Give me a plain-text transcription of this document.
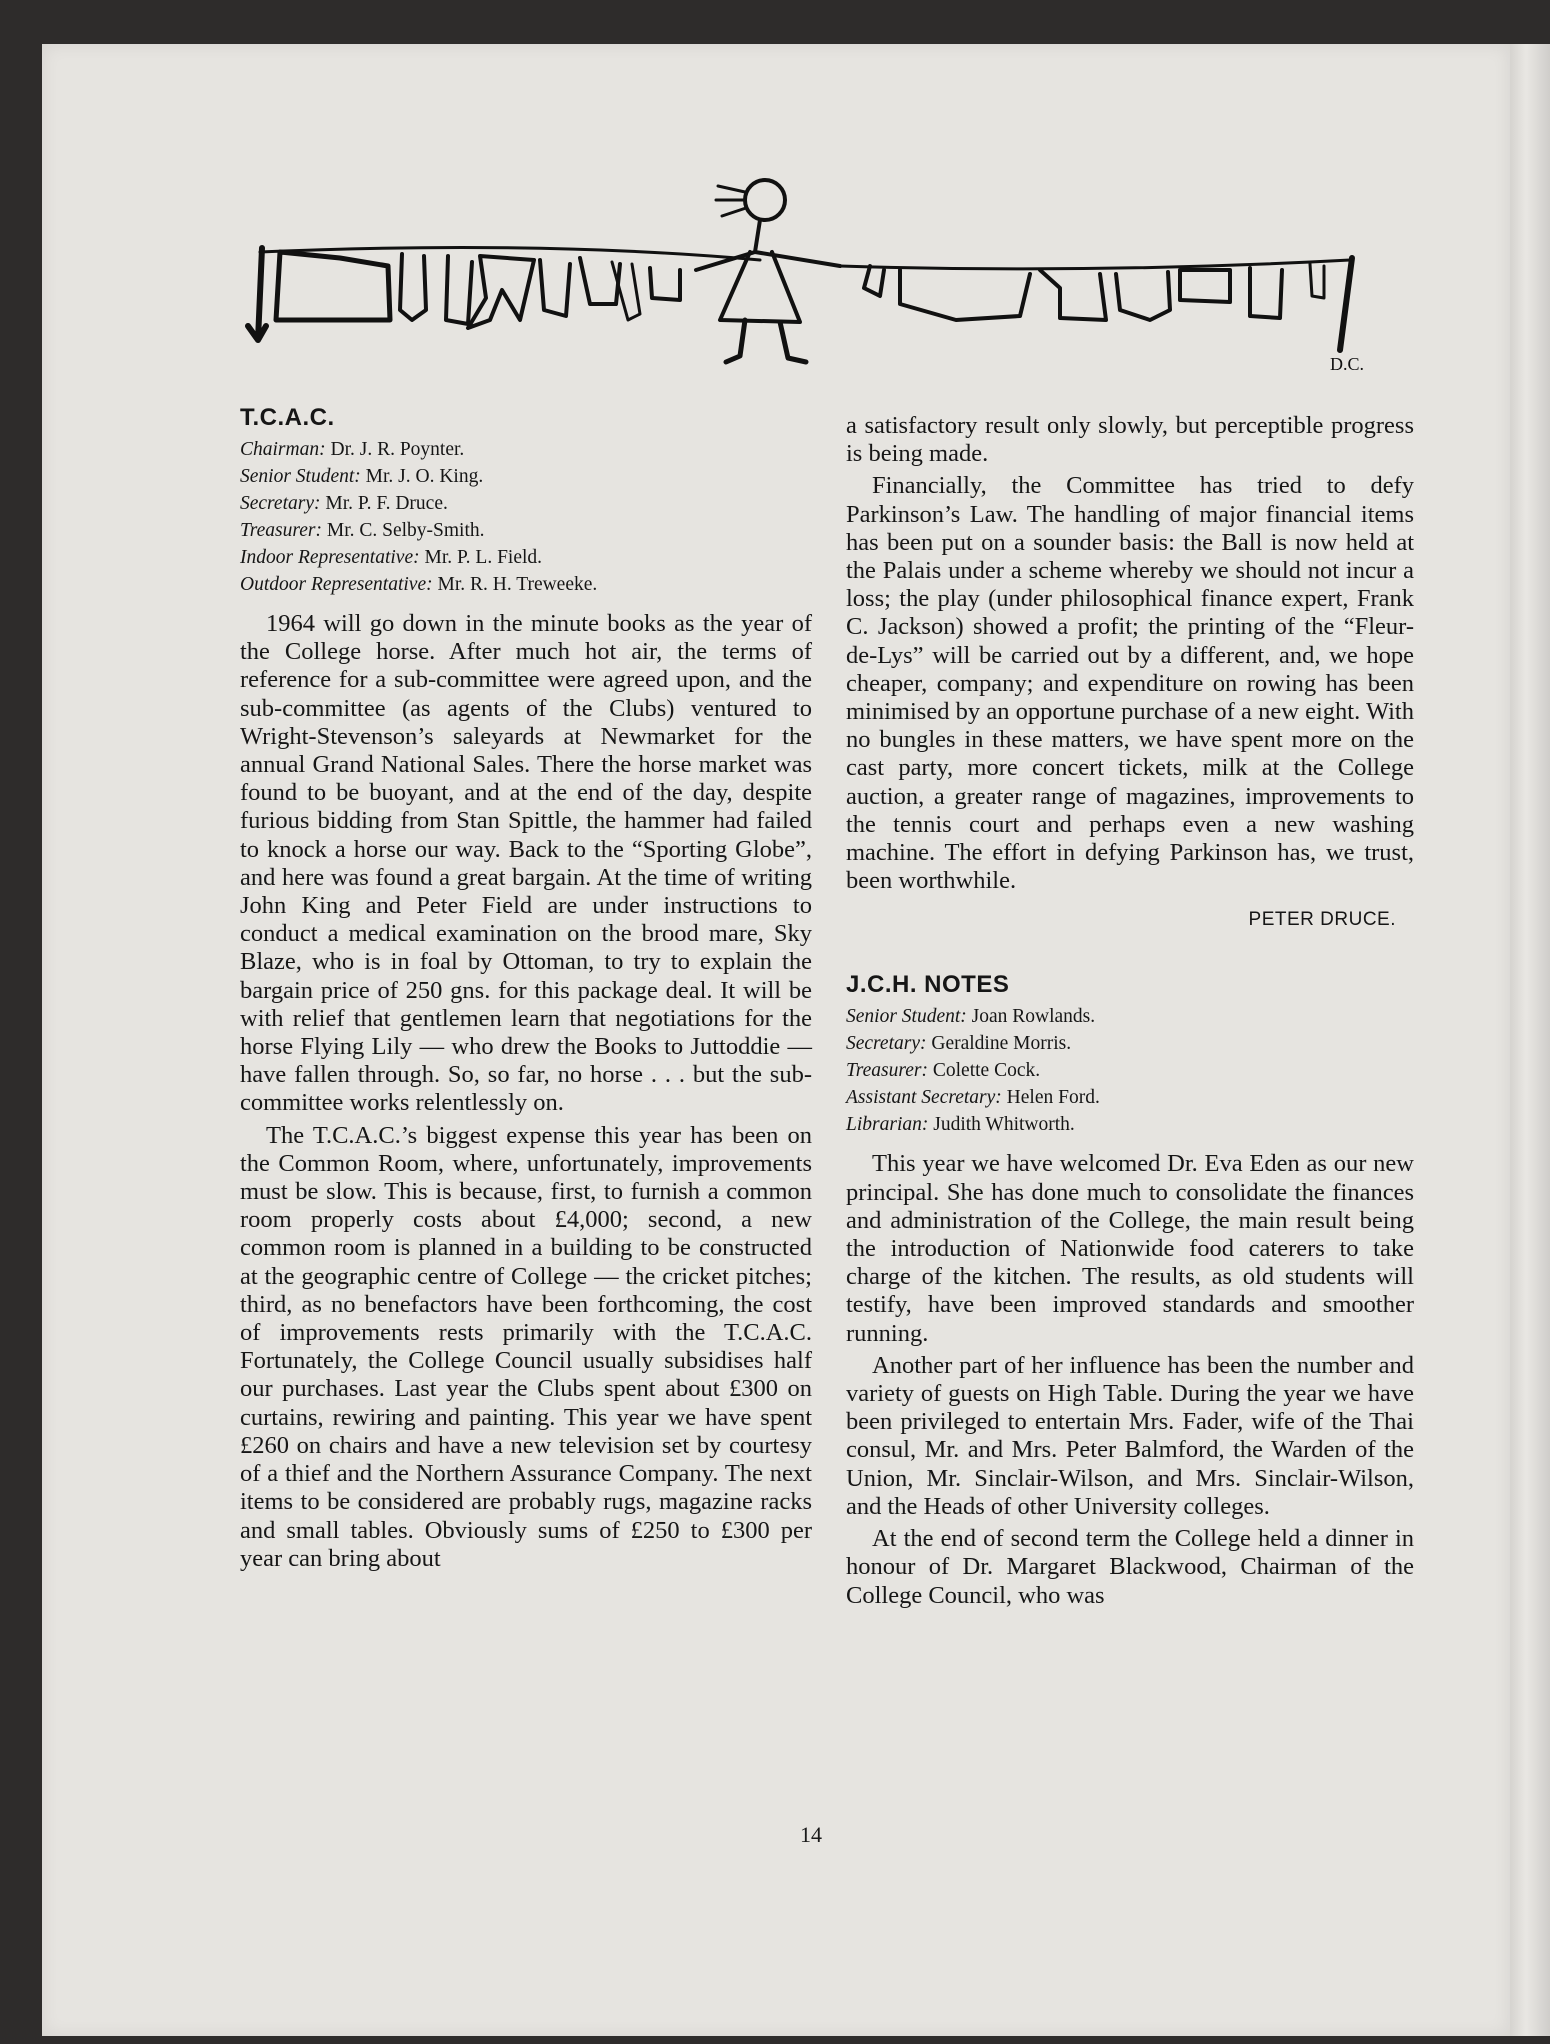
D.C.
T.C.A.C.
Chairman: Dr. J. R. Poynter.
Senior Student: Mr. J. O. King.
Secretary: Mr. P. F. Druce.
Treasurer: Mr. C. Selby-Smith.
Indoor Representative: Mr. P. L. Field.
Outdoor Representative: Mr. R. H. Treweeke.

1964 will go down in the minute books as the year of the College horse. After much hot air, the terms of reference for a sub-committee were agreed upon, and the sub-committee (as agents of the Clubs) ventured to Wright-Stevenson’s saleyards at Newmarket for the annual Grand National Sales. There the horse market was found to be buoyant, and at the end of the day, despite furious bidding from Stan Spittle, the hammer had failed to knock a horse our way. Back to the “Sporting Globe”, and here was found a great bargain. At the time of writing John King and Peter Field are under instructions to conduct a medical examination on the brood mare, Sky Blaze, who is in foal by Ottoman, to try to explain the bargain price of 250 gns. for this package deal. It will be with relief that gentlemen learn that negotiations for the horse Flying Lily — who drew the Books to Juttoddie — have fallen through. So, so far, no horse . . . but the sub-committee works relentlessly on.

The T.C.A.C.’s biggest expense this year has been on the Common Room, where, unfortunately, improvements must be slow. This is because, first, to furnish a common room properly costs about £4,000; second, a new common room is planned in a building to be constructed at the geographic centre of College — the cricket pitches; third, as no benefactors have been forthcoming, the cost of improvements rests primarily with the T.C.A.C. Fortunately, the College Council usually subsidises half our purchases. Last year the Clubs spent about £300 on curtains, rewiring and painting. This year we have spent £260 on chairs and have a new television set by courtesy of a thief and the Northern Assurance Company. The next items to be considered are probably rugs, magazine racks and small tables. Obviously sums of £250 to £300 per year can bring about

a satisfactory result only slowly, but perceptible progress is being made.

Financially, the Committee has tried to defy Parkinson’s Law. The handling of major financial items has been put on a sounder basis: the Ball is now held at the Palais under a scheme whereby we should not incur a loss; the play (under philosophical finance expert, Frank C. Jackson) showed a profit; the printing of the “Fleur-de-Lys” will be carried out by a different, and, we hope cheaper, company; and expenditure on rowing has been minimised by an opportune purchase of a new eight. With no bungles in these matters, we have spent more on the cast party, more concert tickets, milk at the College auction, a greater range of magazines, improvements to the tennis court and perhaps even a new washing machine. The effort in defying Parkinson has, we trust, been worthwhile.

PETER DRUCE.
J.C.H. NOTES
Senior Student: Joan Rowlands.
Secretary: Geraldine Morris.
Treasurer: Colette Cock.
Assistant Secretary: Helen Ford.
Librarian: Judith Whitworth.

This year we have welcomed Dr. Eva Eden as our new principal. She has done much to consolidate the finances and administration of the College, the main result being the introduction of Nationwide food caterers to take charge of the kitchen. The results, as old students will testify, have been improved standards and smoother running.

Another part of her influence has been the number and variety of guests on High Table. During the year we have been privileged to entertain Mrs. Fader, wife of the Thai consul, Mr. and Mrs. Peter Balmford, the Warden of the Union, Mr. Sinclair-Wilson, and Mrs. Sinclair-Wilson, and the Heads of other University colleges.

At the end of second term the College held a dinner in honour of Dr. Margaret Blackwood, Chairman of the College Council, who was

14
